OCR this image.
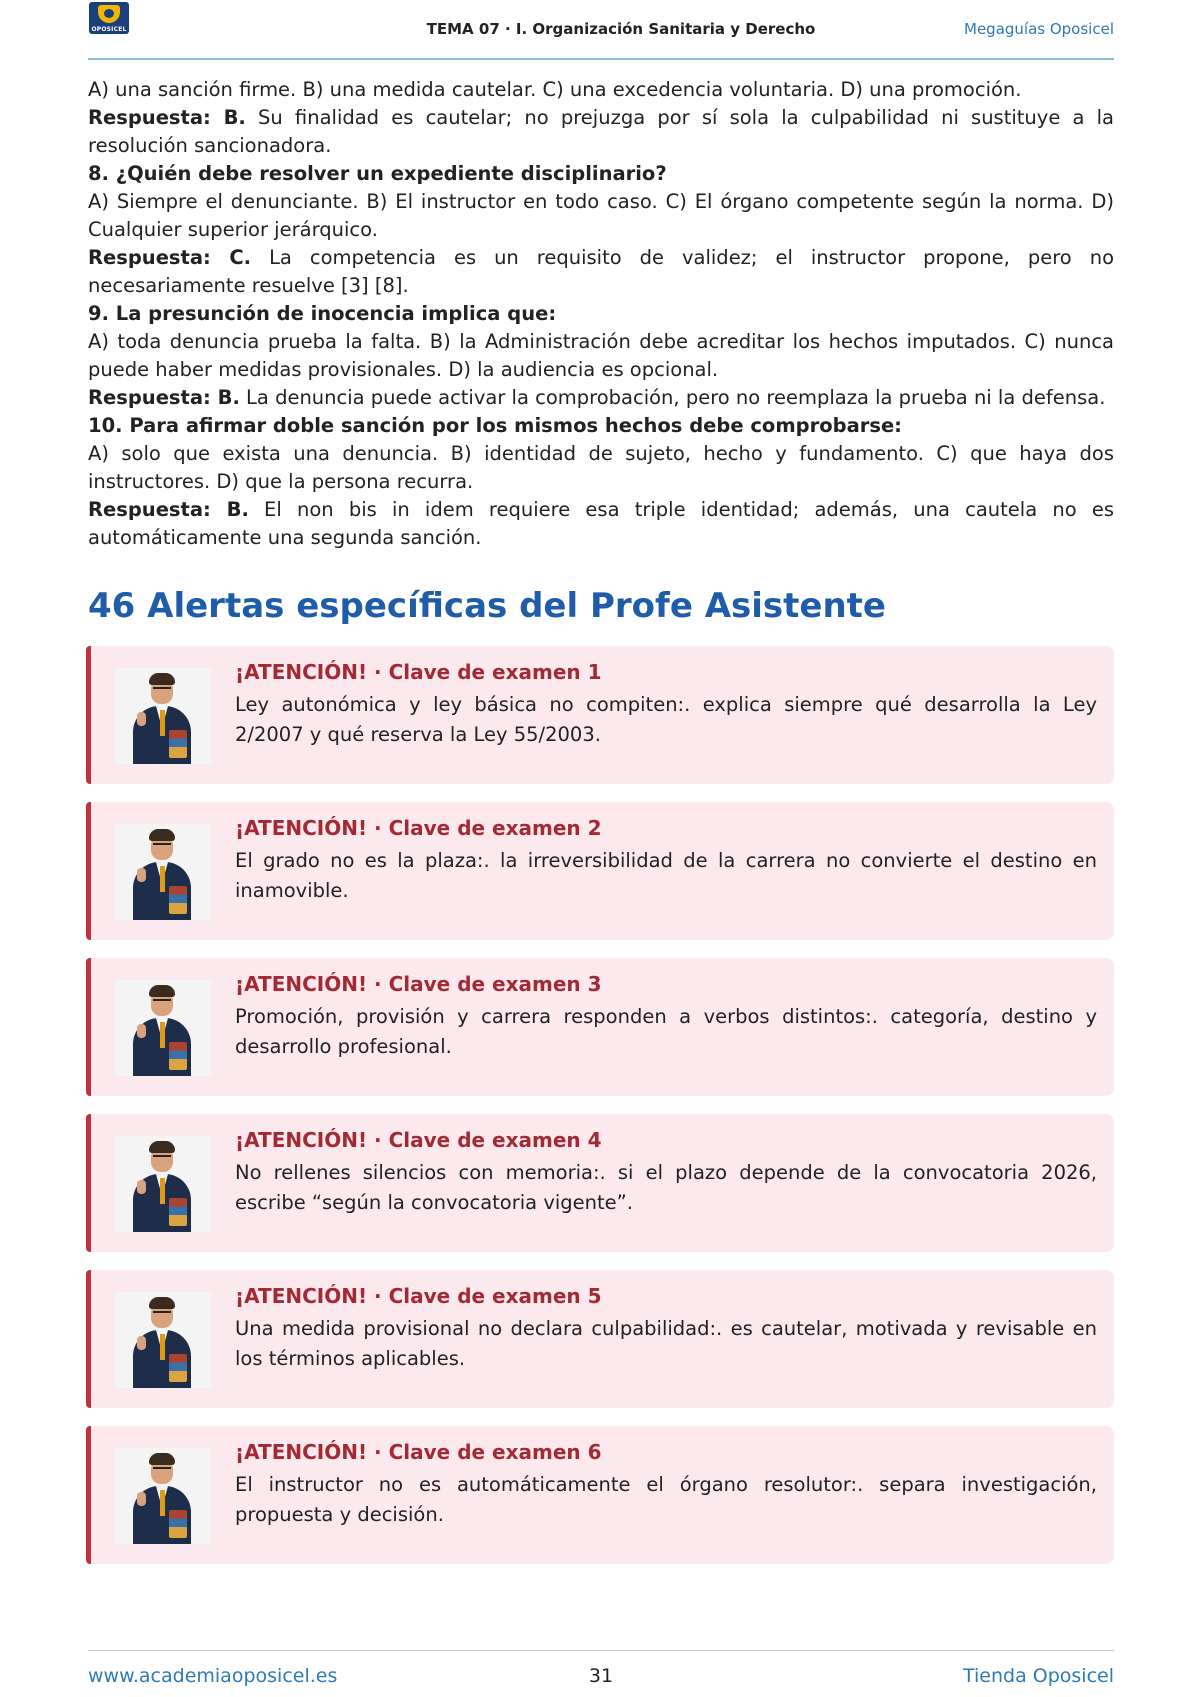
OPOSICEL	TEMA 07 · I. Organización Sanitaria y Derecho	Megaguías Oposicel

A) una sanción firme. B) una medida cautelar. C) una excedencia voluntaria. D) una promoción.

Respuesta: B. Su finalidad es cautelar; no prejuzga por sí sola la culpabilidad ni sustituye a la resolución sancionadora.

8. ¿Quién debe resolver un expediente disciplinario?

A) Siempre el denunciante. B) El instructor en todo caso. C) El órgano competente según la norma. D) Cualquier superior jerárquico.

Respuesta: C. La competencia es un requisito de validez; el instructor propone, pero no necesariamente resuelve [3] [8].

9. La presunción de inocencia implica que:

A) toda denuncia prueba la falta. B) la Administración debe acreditar los hechos imputados. C) nunca puede haber medidas provisionales. D) la audiencia es opcional.

Respuesta: B. La denuncia puede activar la comprobación, pero no reemplaza la prueba ni la defensa.

10. Para afirmar doble sanción por los mismos hechos debe comprobarse:

A) solo que exista una denuncia. B) identidad de sujeto, hecho y fundamento. C) que haya dos instructores. D) que la persona recurra.

Respuesta: B. El non bis in idem requiere esa triple identidad; además, una cautela no es automáticamente una segunda sanción.

46 Alertas específicas del Profe Asistente
¡ATENCIÓN! · Clave de examen 1

Ley autonómica y ley básica no compiten:. explica siempre qué desarrolla la Ley 2/2007 y qué reserva la Ley 55/2003.

¡ATENCIÓN! · Clave de examen 2

El grado no es la plaza:. la irreversibilidad de la carrera no convierte el destino en inamovible.

¡ATENCIÓN! · Clave de examen 3

Promoción, provisión y carrera responden a verbos distintos:. categoría, destino y desarrollo profesional.

¡ATENCIÓN! · Clave de examen 4

No rellenes silencios con memoria:. si el plazo depende de la convocatoria 2026, escribe “según la convocatoria vigente”.

¡ATENCIÓN! · Clave de examen 5

Una medida provisional no declara culpabilidad:. es cautelar, motivada y revisable en los términos aplicables.

¡ATENCIÓN! · Clave de examen 6

El instructor no es automáticamente el órgano resolutor:. separa investigación, propuesta y decisión.

www.academiaoposicel.es	31	Tienda Oposicel
